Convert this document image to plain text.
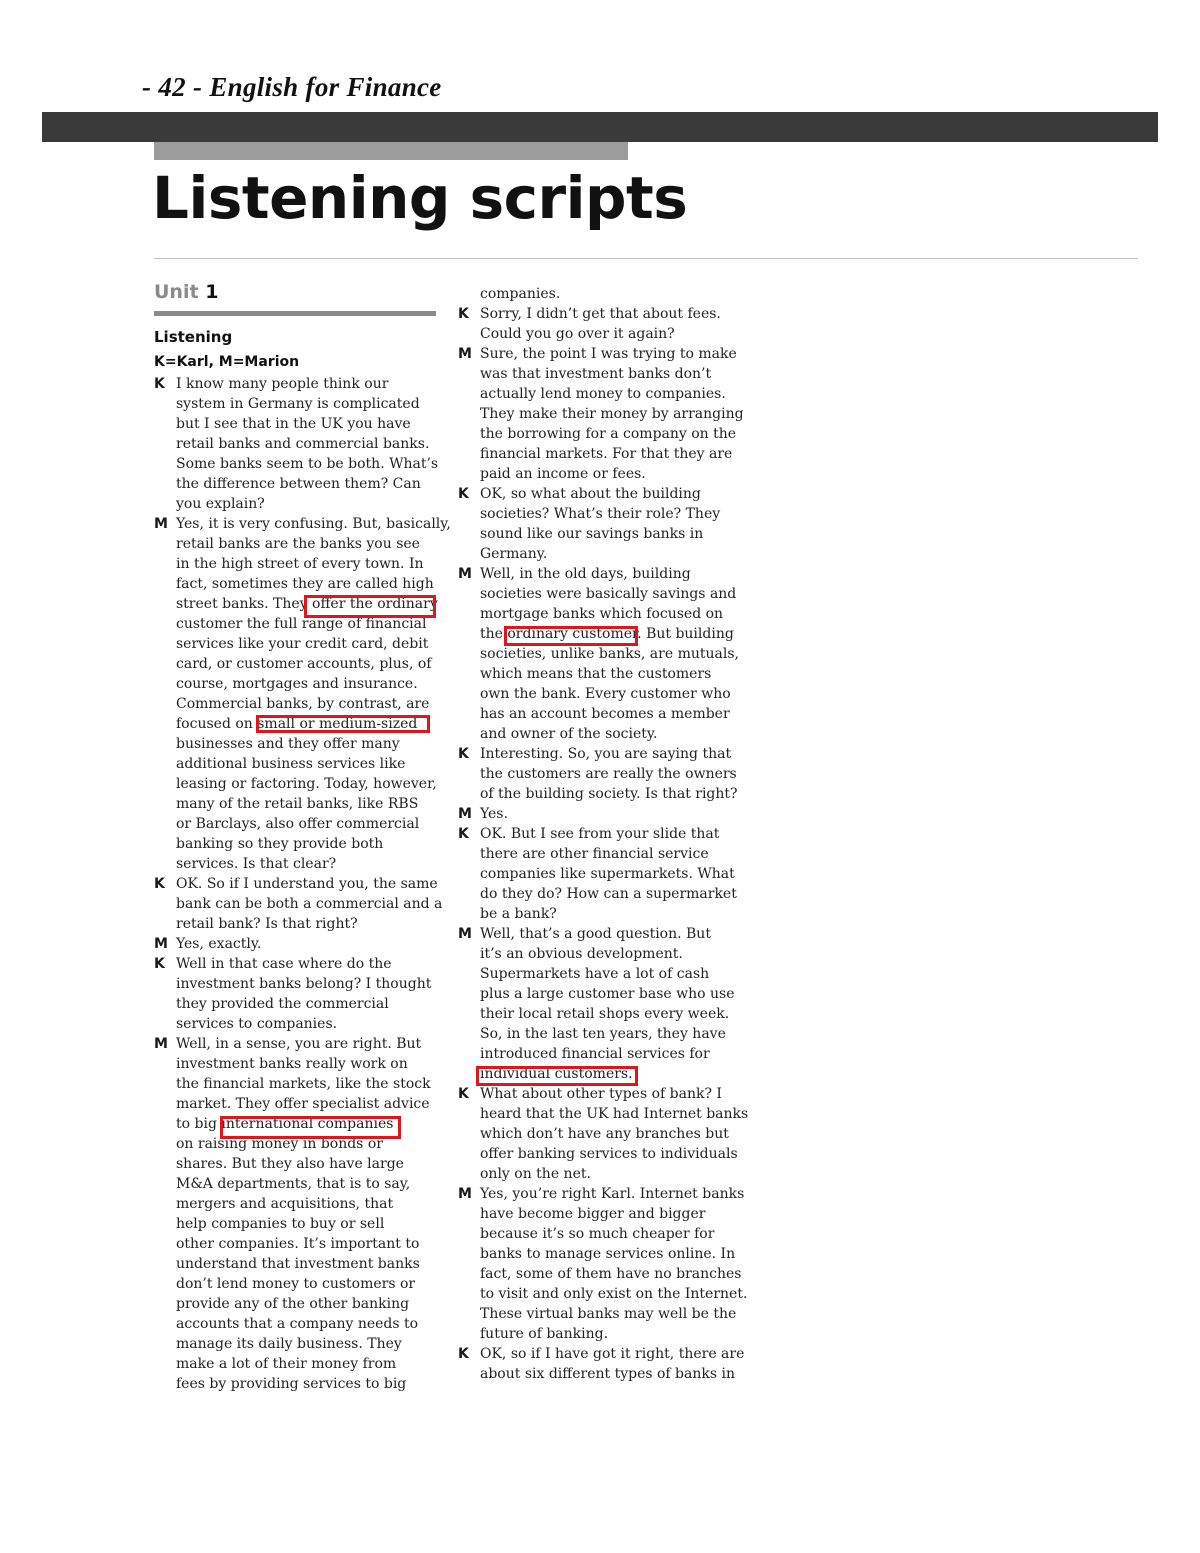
- 42 - English for Finance
Listening scripts
Unit 1
Listening
K=Karl, M=Marion
K I know many people think our
system in Germany is complicated
but I see that in the UK you have
retail banks and commercial banks.
Some banks seem to be both. What’s
the difference between them? Can
you explain?
M Yes, it is very confusing. But, basically,
retail banks are the banks you see
in the high street of every town. In
fact, sometimes they are called high
street banks. They offer the ordinary
customer the full range of financial
services like your credit card, debit
card, or customer accounts, plus, of
course, mortgages and insurance.
Commercial banks, by contrast, are
focused on small or medium-sized
businesses and they offer many
additional business services like
leasing or factoring. Today, however,
many of the retail banks, like RBS
or Barclays, also offer commercial
banking so they provide both
services. Is that clear?
K OK. So if I understand you, the same
bank can be both a commercial and a
retail bank? Is that right?
M Yes, exactly.
K Well in that case where do the
investment banks belong? I thought
they provided the commercial
services to companies.
M Well, in a sense, you are right. But
investment banks really work on
the financial markets, like the stock
market. They offer specialist advice
to big international companies
on raising money in bonds or
shares. But they also have large
M&A departments, that is to say,
mergers and acquisitions, that
help companies to buy or sell
other companies. It’s important to
understand that investment banks
don’t lend money to customers or
provide any of the other banking
accounts that a company needs to
manage its daily business. They
make a lot of their money from
fees by providing services to big
companies.
K Sorry, I didn’t get that about fees.
Could you go over it again?
M Sure, the point I was trying to make
was that investment banks don’t
actually lend money to companies.
They make their money by arranging
the borrowing for a company on the
financial markets. For that they are
paid an income or fees.
K OK, so what about the building
societies? What’s their role? They
sound like our savings banks in
Germany.
M Well, in the old days, building
societies were basically savings and
mortgage banks which focused on
the ordinary customer. But building
societies, unlike banks, are mutuals,
which means that the customers
own the bank. Every customer who
has an account becomes a member
and owner of the society.
K Interesting. So, you are saying that
the customers are really the owners
of the building society. Is that right?
M Yes.
K OK. But I see from your slide that
there are other financial service
companies like supermarkets. What
do they do? How can a supermarket
be a bank?
M Well, that’s a good question. But
it’s an obvious development.
Supermarkets have a lot of cash
plus a large customer base who use
their local retail shops every week.
So, in the last ten years, they have
introduced financial services for
individual customers.
K What about other types of bank? I
heard that the UK had Internet banks
which don’t have any branches but
offer banking services to individuals
only on the net.
M Yes, you’re right Karl. Internet banks
have become bigger and bigger
because it’s so much cheaper for
banks to manage services online. In
fact, some of them have no branches
to visit and only exist on the Internet.
These virtual banks may well be the
future of banking.
K OK, so if I have got it right, there are
about six different types of banks in
